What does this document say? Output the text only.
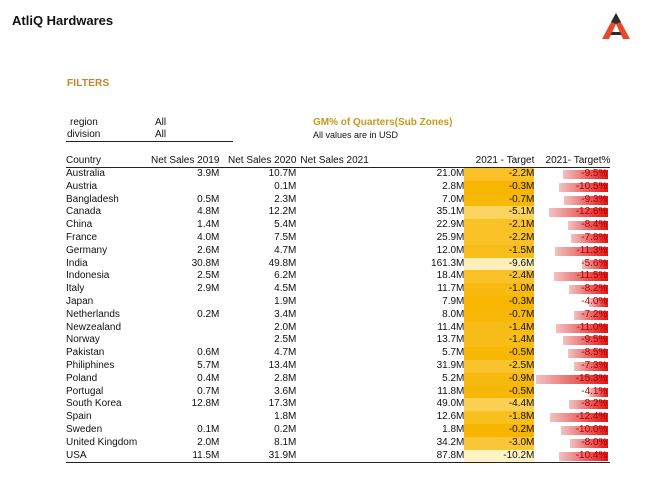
AtliQ Hardwares
FILTERS
region	All
division	All
GM% of Quarters(Sub Zones)
All values are in USD
Country	Net Sales 2019	Net Sales 2020	Net Sales 2021	2021 - Target	2021- Target%
Australia	3.9M	10.7M	21.0M	-2.2M	-9.5%
Austria		0.1M	2.8M	-0.3M	-10.5%
Bangladesh	0.5M	2.3M	7.0M	-0.7M	-9.3%
Canada	4.8M	12.2M	35.1M	-5.1M	-12.6%
China	1.4M	5.4M	22.9M	-2.1M	-8.4%
France	4.0M	7.5M	25.9M	-2.2M	-7.8%
Germany	2.6M	4.7M	12.0M	-1.5M	-11.3%
India	30.8M	49.8M	161.3M	-9.6M	-5.6%
Indonesia	2.5M	6.2M	18.4M	-2.4M	-11.5%
Italy	2.9M	4.5M	11.7M	-1.0M	-8.2%
Japan		1.9M	7.9M	-0.3M	-4.0%
Netherlands	0.2M	3.4M	8.0M	-0.7M	-7.2%
Newzealand		2.0M	11.4M	-1.4M	-11.0%
Norway		2.5M	13.7M	-1.4M	-9.5%
Pakistan	0.6M	4.7M	5.7M	-0.5M	-8.5%
Philiphines	5.7M	13.4M	31.9M	-2.5M	-7.3%
Poland	0.4M	2.8M	5.2M	-0.9M	-15.3%
Portugal	0.7M	3.6M	11.8M	-0.5M	-4.1%
South Korea	12.8M	17.3M	49.0M	-4.4M	-8.2%
Spain		1.8M	12.6M	-1.8M	-12.4%
Sweden	0.1M	0.2M	1.8M	-0.2M	-10.0%
United Kingdom	2.0M	8.1M	34.2M	-3.0M	-8.0%
USA	11.5M	31.9M	87.8M	-10.2M	-10.4%
